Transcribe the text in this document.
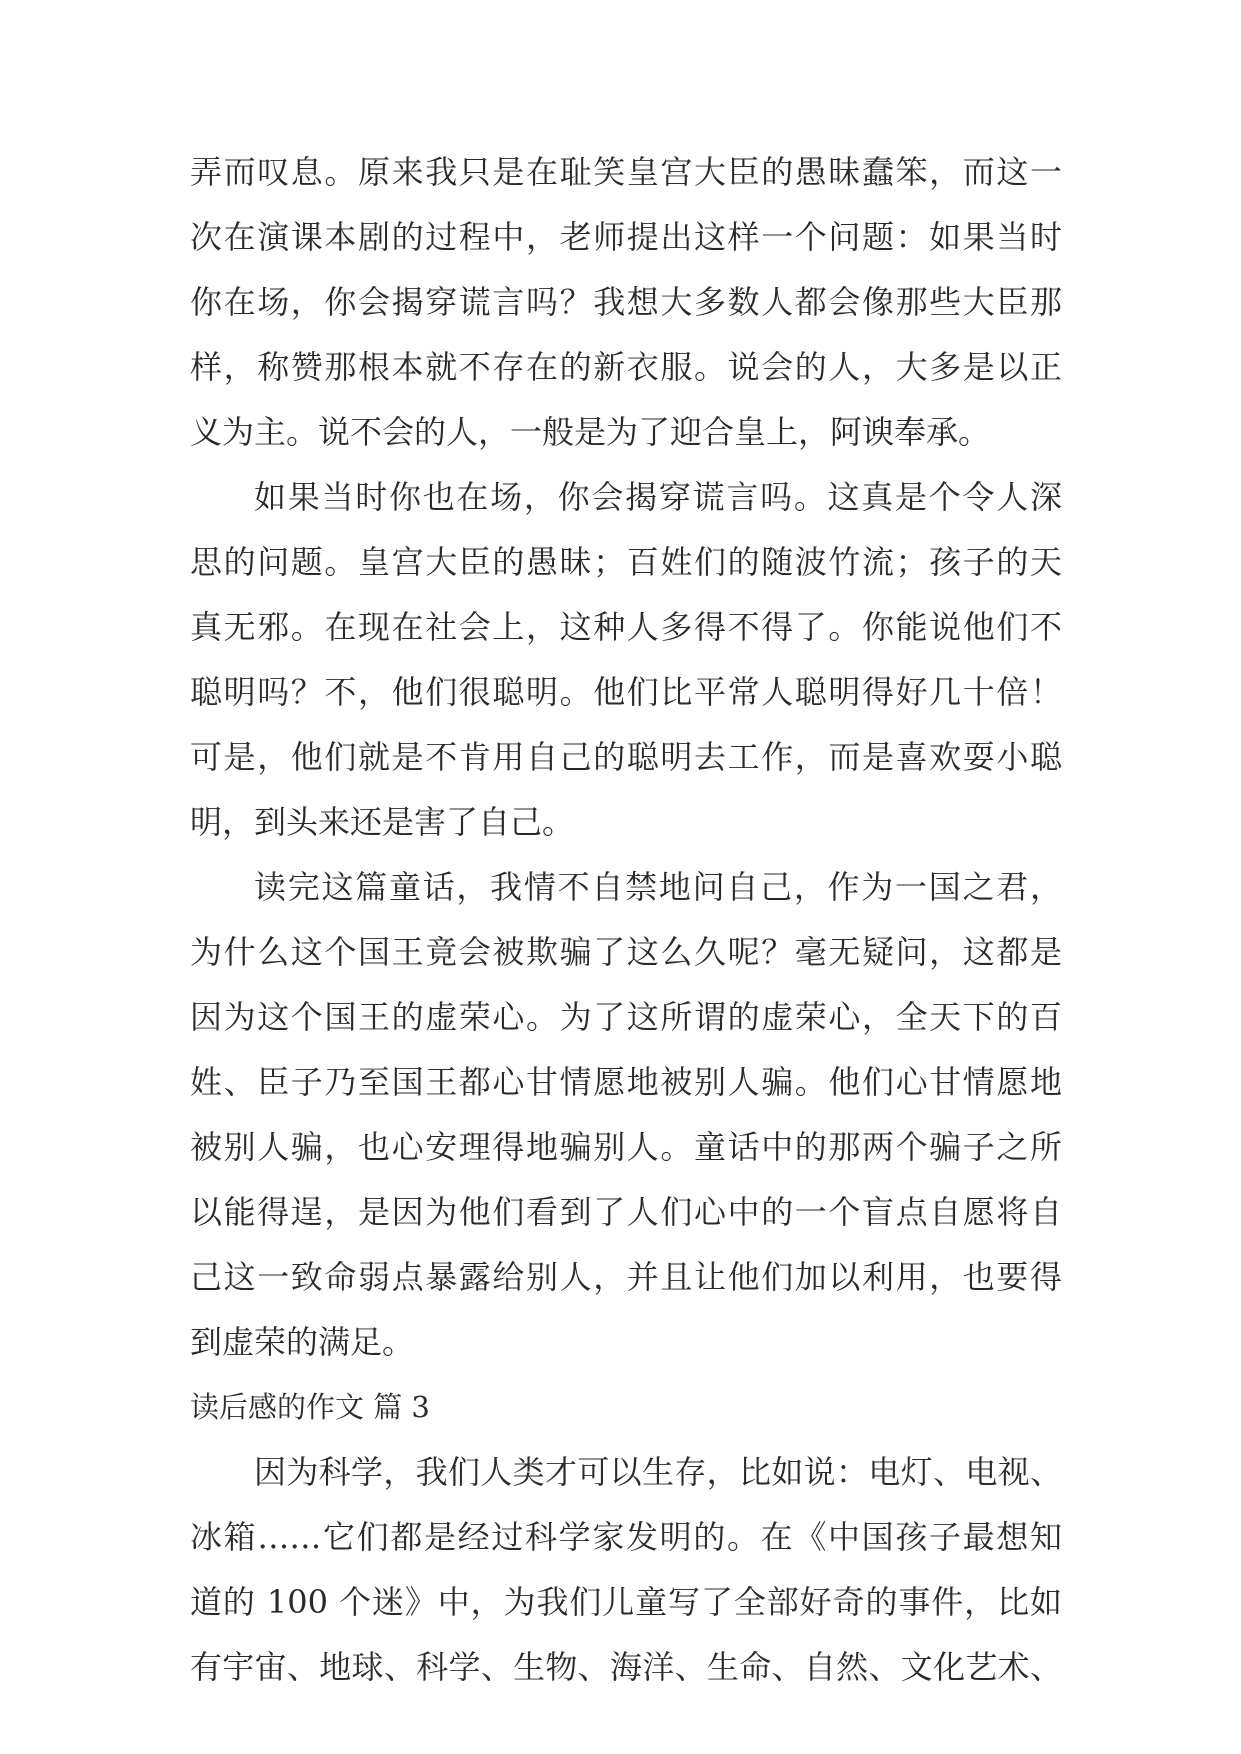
弄而叹息。原来我只是在耻笑皇宫大臣的愚昧蠢笨，而这一
次在演课本剧的过程中，老师提出这样一个问题：如果当时
你在场，你会揭穿谎言吗？我想大多数人都会像那些大臣那
样，称赞那根本就不存在的新衣服。说会的人，大多是以正
义为主。说不会的人，一般是为了迎合皇上，阿谀奉承。
如果当时你也在场，你会揭穿谎言吗。这真是个令人深
思的问题。皇宫大臣的愚昧；百姓们的随波竹流；孩子的天
真无邪。在现在社会上，这种人多得不得了。你能说他们不
聪明吗？不，他们很聪明。他们比平常人聪明得好几十倍！
可是，他们就是不肯用自己的聪明去工作，而是喜欢耍小聪
明，到头来还是害了自己。
读完这篇童话，我情不自禁地问自己，作为一国之君，
为什么这个国王竟会被欺骗了这么久呢？毫无疑问，这都是
因为这个国王的虚荣心。为了这所谓的虚荣心，全天下的百
姓、臣子乃至国王都心甘情愿地被别人骗。他们心甘情愿地
被别人骗，也心安理得地骗别人。童话中的那两个骗子之所
以能得逞，是因为他们看到了人们心中的一个盲点自愿将自
己这一致命弱点暴露给别人，并且让他们加以利用，也要得
到虚荣的满足。
读后感的作文 篇 3
因为科学，我们人类才可以生存，比如说：电灯、电视、
冰箱……它们都是经过科学家发明的。在《中国孩子最想知
道的 100 个迷》中，为我们儿童写了全部好奇的事件，比如
有宇宙、地球、科学、生物、海洋、生命、自然、文化艺术、
